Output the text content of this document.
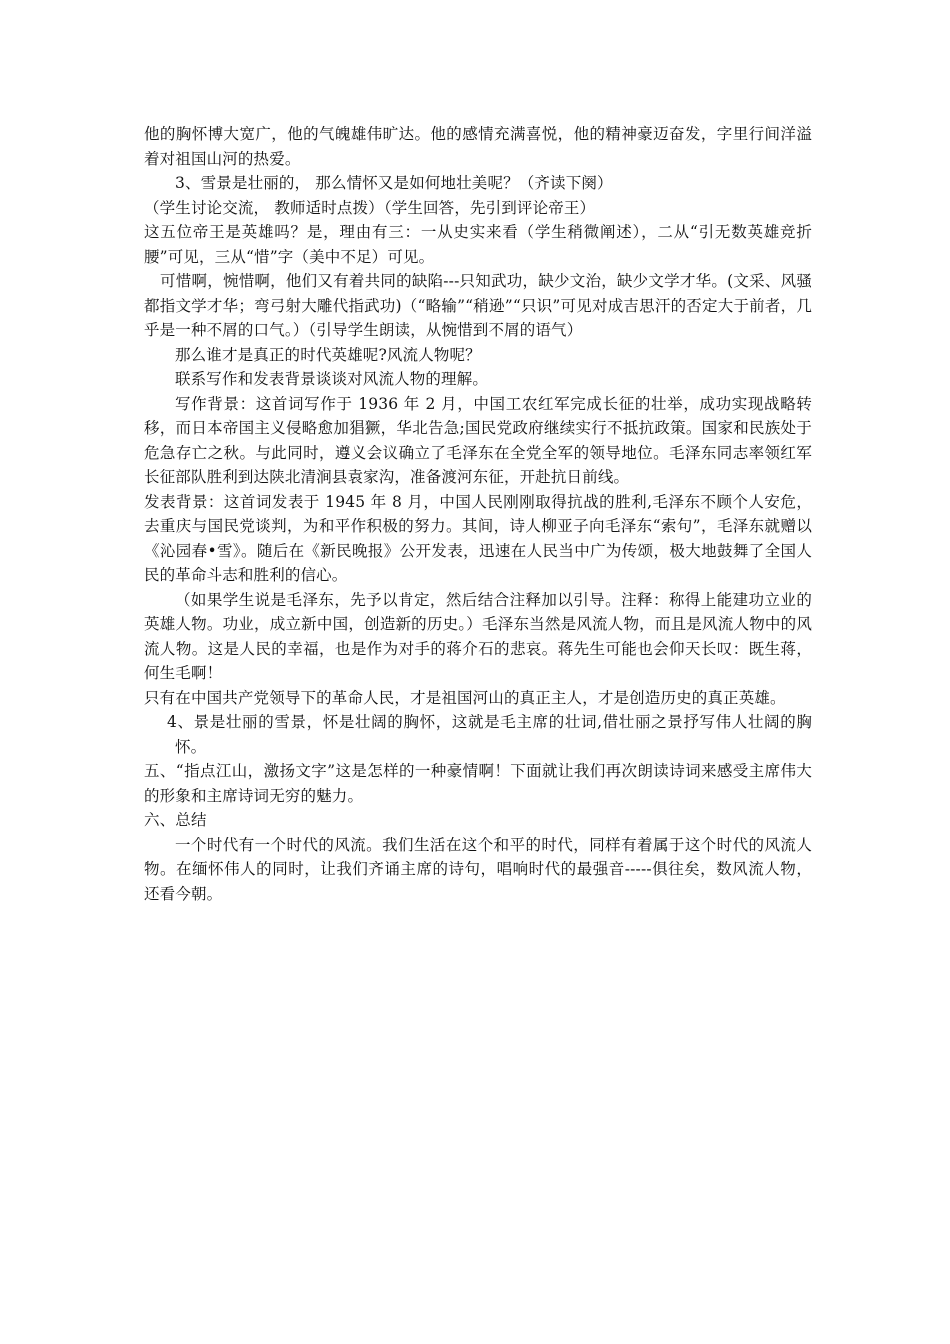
他的胸怀博大宽广，他的气魄雄伟旷达。他的感情充满喜悦，他的精神豪迈奋发，字里行间洋溢着对祖国山河的热爱。

3、雪景是壮丽的， 那么情怀又是如何地壮美呢？（齐读下阕）

（学生讨论交流， 教师适时点拨）（学生回答，先引到评论帝王）

这五位帝王是英雄吗？是，理由有三：一从史实来看（学生稍微阐述），二从“引无数英雄竞折腰”可见，三从“惜”字（美中不足）可见。

可惜啊，惋惜啊，他们又有着共同的缺陷---只知武功，缺少文治，缺少文学才华。(文采、风骚都指文学才华；弯弓射大雕代指武功)（“略输”“稍逊”“只识”可见对成吉思汗的否定大于前者，几乎是一种不屑的口气。）（引导学生朗读，从惋惜到不屑的语气）

那么谁才是真正的时代英雄呢?风流人物呢？

联系写作和发表背景谈谈对风流人物的理解。

写作背景：这首词写作于 1936 年 2 月，中国工农红军完成长征的壮举，成功实现战略转移，而日本帝国主义侵略愈加猖獗，华北告急;国民党政府继续实行不抵抗政策。国家和民族处于危急存亡之秋。与此同时，遵义会议确立了毛泽东在全党全军的领导地位。毛泽东同志率领红军长征部队胜利到达陕北清涧县袁家沟，准备渡河东征，开赴抗日前线。

发表背景：这首词发表于 1945 年 8 月，中国人民刚刚取得抗战的胜利,毛泽东不顾个人安危，去重庆与国民党谈判，为和平作积极的努力。其间，诗人柳亚子向毛泽东“索句”，毛泽东就赠以《沁园春•雪》。随后在《新民晚报》公开发表，迅速在人民当中广为传颂，极大地鼓舞了全国人民的革命斗志和胜利的信心。

（如果学生说是毛泽东，先予以肯定，然后结合注释加以引导。注释：称得上能建功立业的英雄人物。功业，成立新中国，创造新的历史。）毛泽东当然是风流人物，而且是风流人物中的风流人物。这是人民的幸福，也是作为对手的蒋介石的悲哀。蒋先生可能也会仰天长叹：既生蒋， 何生毛啊！

只有在中国共产党领导下的革命人民，才是祖国河山的真正主人，才是创造历史的真正英雄。

4、景是壮丽的雪景，怀是壮阔的胸怀，这就是毛主席的壮词,借壮丽之景抒写伟人壮阔的胸怀。

五、“指点江山，激扬文字”这是怎样的一种豪情啊！下面就让我们再次朗读诗词来感受主席伟大的形象和主席诗词无穷的魅力。

六、总结

一个时代有一个时代的风流。我们生活在这个和平的时代，同样有着属于这个时代的风流人物。在缅怀伟人的同时，让我们齐诵主席的诗句，唱响时代的最强音-----俱往矣，数风流人物，还看今朝。
